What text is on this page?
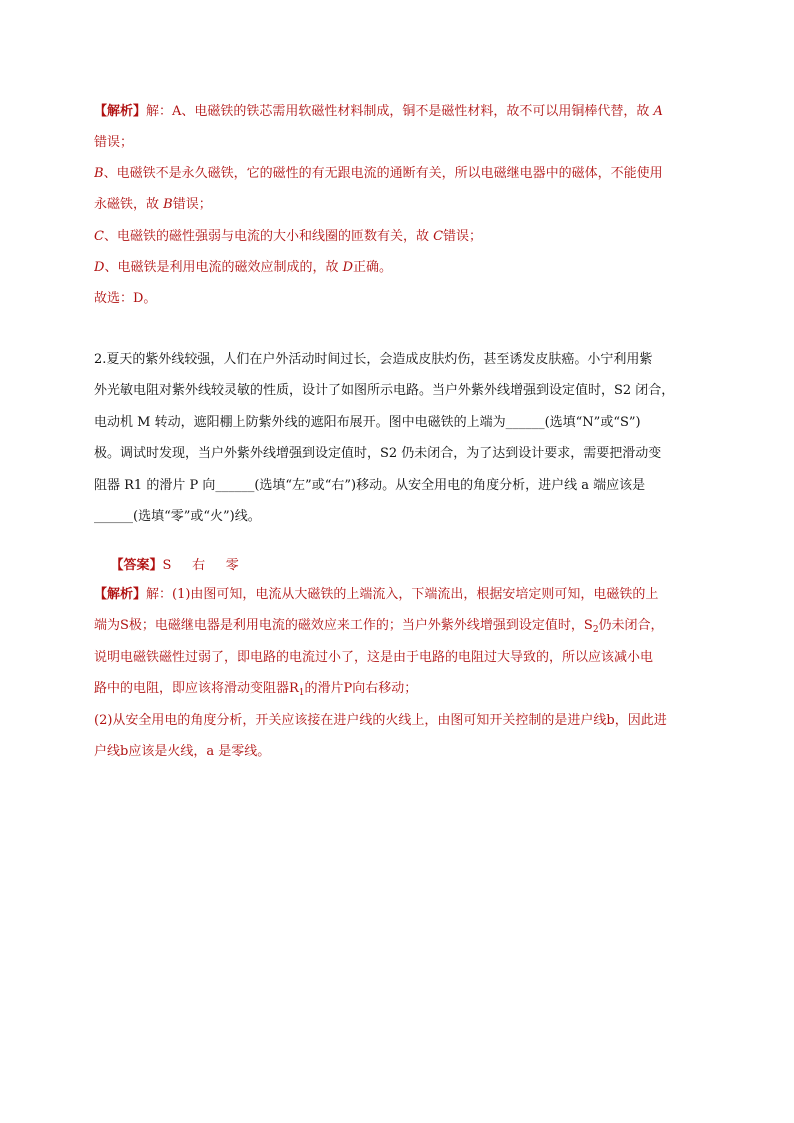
【解析】解：A、电磁铁的铁芯需用软磁性材料制成，铜不是磁性材料，故不可以用铜棒代替，故 A
错误；
B、电磁铁不是永久磁铁，它的磁性的有无跟电流的通断有关，所以电磁继电器中的磁体，不能使用
永磁铁，故 B错误；
C、电磁铁的磁性强弱与电流的大小和线圈的匝数有关，故 C错误；
D、电磁铁是利用电流的磁效应制成的，故 D正确。
故选：D。
2.夏天的紫外线较强，人们在户外活动时间过长，会造成皮肤灼伤，甚至诱发皮肤癌。小宁利用紫
外光敏电阻对紫外线较灵敏的性质，设计了如图所示电路。当户外紫外线增强到设定值时，S2 闭合，
电动机 M 转动，遮阳棚上防紫外线的遮阳布展开。图中电磁铁的上端为______(选填“N”或“S”)
极。调试时发现，当户外紫外线增强到设定值时，S2 仍未闭合，为了达到设计要求，需要把滑动变
阻器 R1 的滑片 P 向______(选填“左”或“右”)移动。从安全用电的角度分析，进户线 a 端应该是
______(选填“零”或“火”)线。

【答案】S     右     零

【解析】解：(1)由图可知，电流从大磁铁的上端流入，下端流出，根据安培定则可知，电磁铁的上
端为S极；电磁继电器是利用电流的磁效应来工作的；当户外紫外线增强到设定值时，$S_2$仍未闭合，
说明电磁铁磁性过弱了，即电路的电流过小了，这是由于电路的电阻过大导致的，所以应该减小电
路中的电阻，即应该将滑动变阻器$R_1$的滑片P向右移动；
(2)从安全用电的角度分析，开关应该接在进户线的火线上，由图可知开关控制的是进户线b，因此进
户线b应该是火线，a 是零线。
